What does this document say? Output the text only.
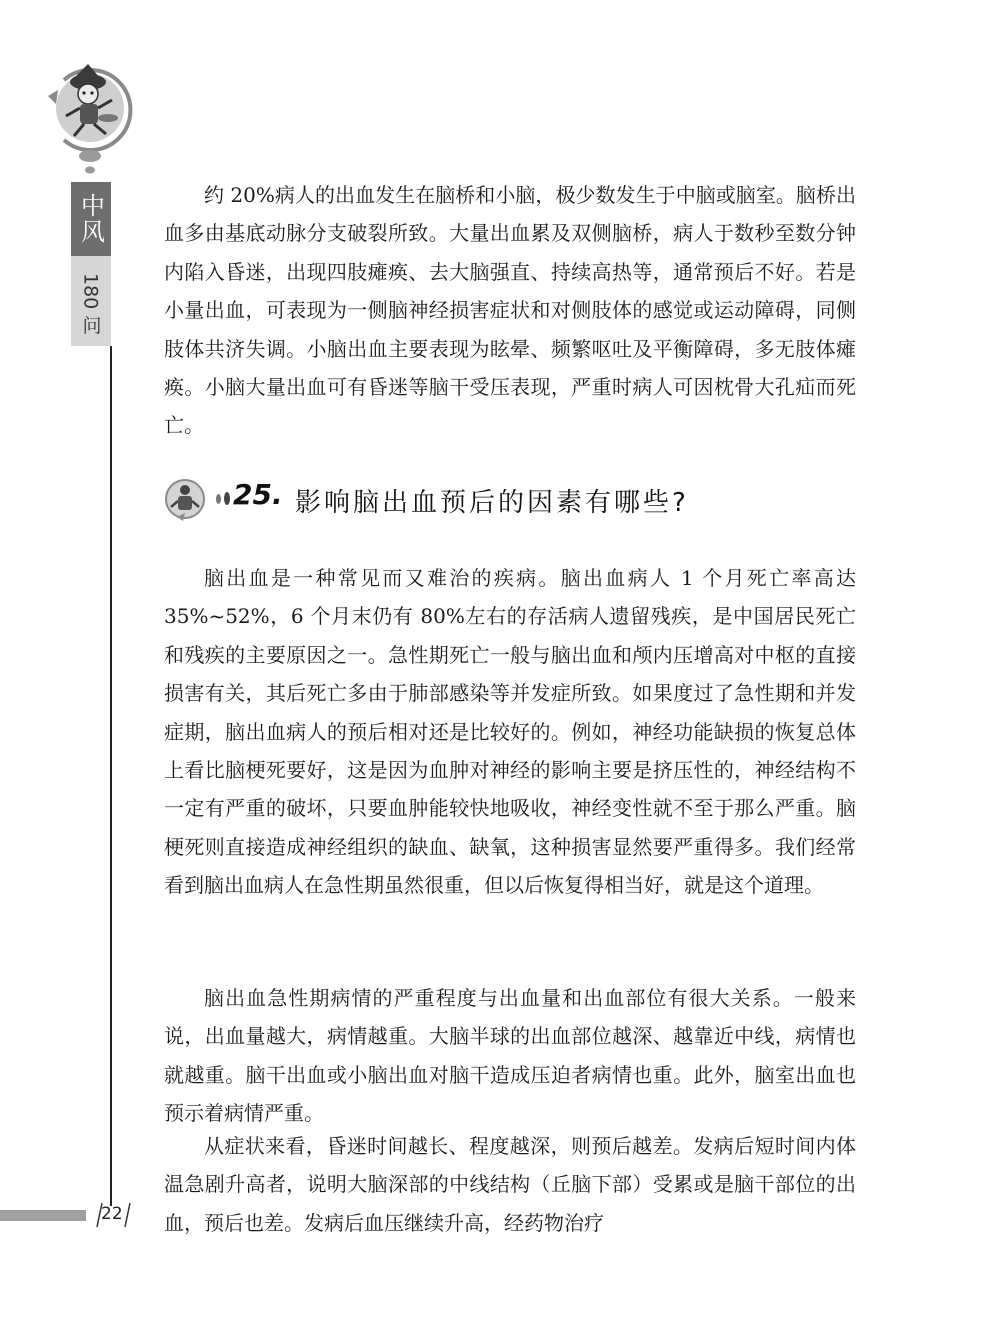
中风
180 问

约 20%病人的出血发生在脑桥和小脑，极少数发生于中脑或脑室。脑桥出血多由基底动脉分支破裂所致。大量出血累及双侧脑桥，病人于数秒至数分钟内陷入昏迷，出现四肢瘫痪、去大脑强直、持续高热等，通常预后不好。若是小量出血，可表现为一侧脑神经损害症状和对侧肢体的感觉或运动障碍，同侧肢体共济失调。小脑出血主要表现为眩晕、频繁呕吐及平衡障碍，多无肢体瘫痪。小脑大量出血可有昏迷等脑干受压表现，严重时病人可因枕骨大孔疝而死亡。

25. 影响脑出血预后的因素有哪些?

脑出血是一种常见而又难治的疾病。脑出血病人 1 个月死亡率高达 35%~52%，6 个月末仍有 80%左右的存活病人遗留残疾，是中国居民死亡和残疾的主要原因之一。急性期死亡一般与脑出血和颅内压增高对中枢的直接损害有关，其后死亡多由于肺部感染等并发症所致。如果度过了急性期和并发症期，脑出血病人的预后相对还是比较好的。例如，神经功能缺损的恢复总体上看比脑梗死要好，这是因为血肿对神经的影响主要是挤压性的，神经结构不一定有严重的破坏，只要血肿能较快地吸收，神经变性就不至于那么严重。脑梗死则直接造成神经组织的缺血、缺氧，这种损害显然要严重得多。我们经常看到脑出血病人在急性期虽然很重，但以后恢复得相当好，就是这个道理。

脑出血急性期病情的严重程度与出血量和出血部位有很大关系。一般来说，出血量越大，病情越重。大脑半球的出血部位越深、越靠近中线，病情也就越重。脑干出血或小脑出血对脑干造成压迫者病情也重。此外，脑室出血也预示着病情严重。

从症状来看，昏迷时间越长、程度越深，则预后越差。发病后短时间内体温急剧升高者，说明大脑深部的中线结构（丘脑下部）受累或是脑干部位的出血，预后也差。发病后血压继续升高，经药物治疗

22
